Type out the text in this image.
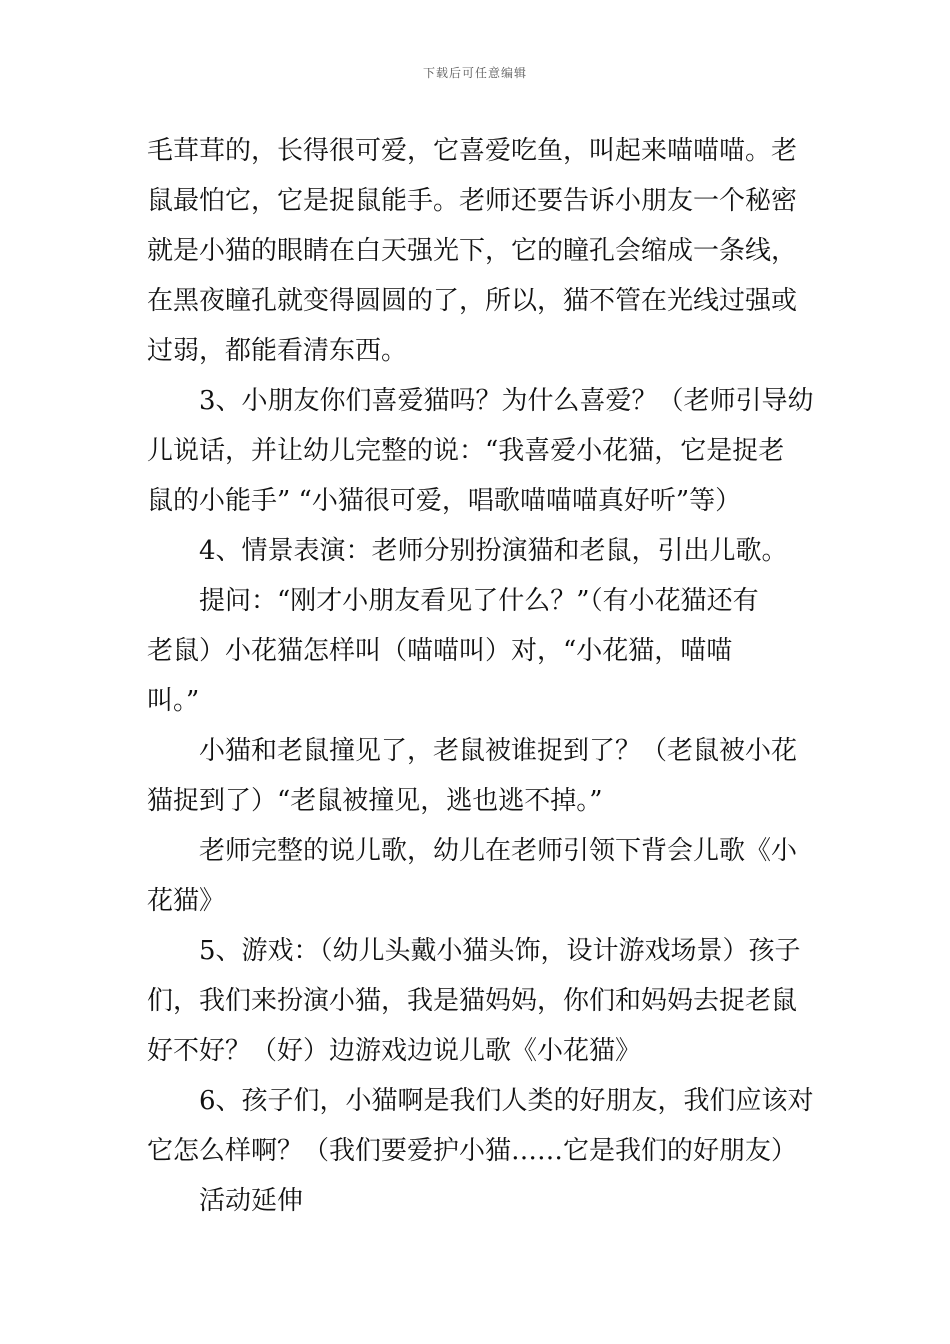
下载后可任意编辑
毛茸茸的，长得很可爱，它喜爱吃鱼，叫起来喵喵喵。老
鼠最怕它，它是捉鼠能手。老师还要告诉小朋友一个秘密
就是小猫的眼睛在白天强光下，它的瞳孔会缩成一条线，
在黑夜瞳孔就变得圆圆的了，所以，猫不管在光线过强或
过弱，都能看清东西。
3、小朋友你们喜爱猫吗？为什么喜爱？（老师引导幼
儿说话，并让幼儿完整的说：“我喜爱小花猫，它是捉老
鼠的小能手” “小猫很可爱，唱歌喵喵喵真好听”等）
4、情景表演：老师分别扮演猫和老鼠，引出儿歌。
提问：“刚才小朋友看见了什么？”（有小花猫还有
老鼠）小花猫怎样叫（喵喵叫）对，“小花猫，喵喵
叫。”
小猫和老鼠撞见了，老鼠被谁捉到了？（老鼠被小花
猫捉到了）“老鼠被撞见，逃也逃不掉。”
老师完整的说儿歌，幼儿在老师引领下背会儿歌《小
花猫》
5、游戏：（幼儿头戴小猫头饰，设计游戏场景）孩子
们，我们来扮演小猫，我是猫妈妈，你们和妈妈去捉老鼠
好不好？（好）边游戏边说儿歌《小花猫》
6、孩子们，小猫啊是我们人类的好朋友，我们应该对
它怎么样啊？（我们要爱护小猫……它是我们的好朋友）
活动延伸
